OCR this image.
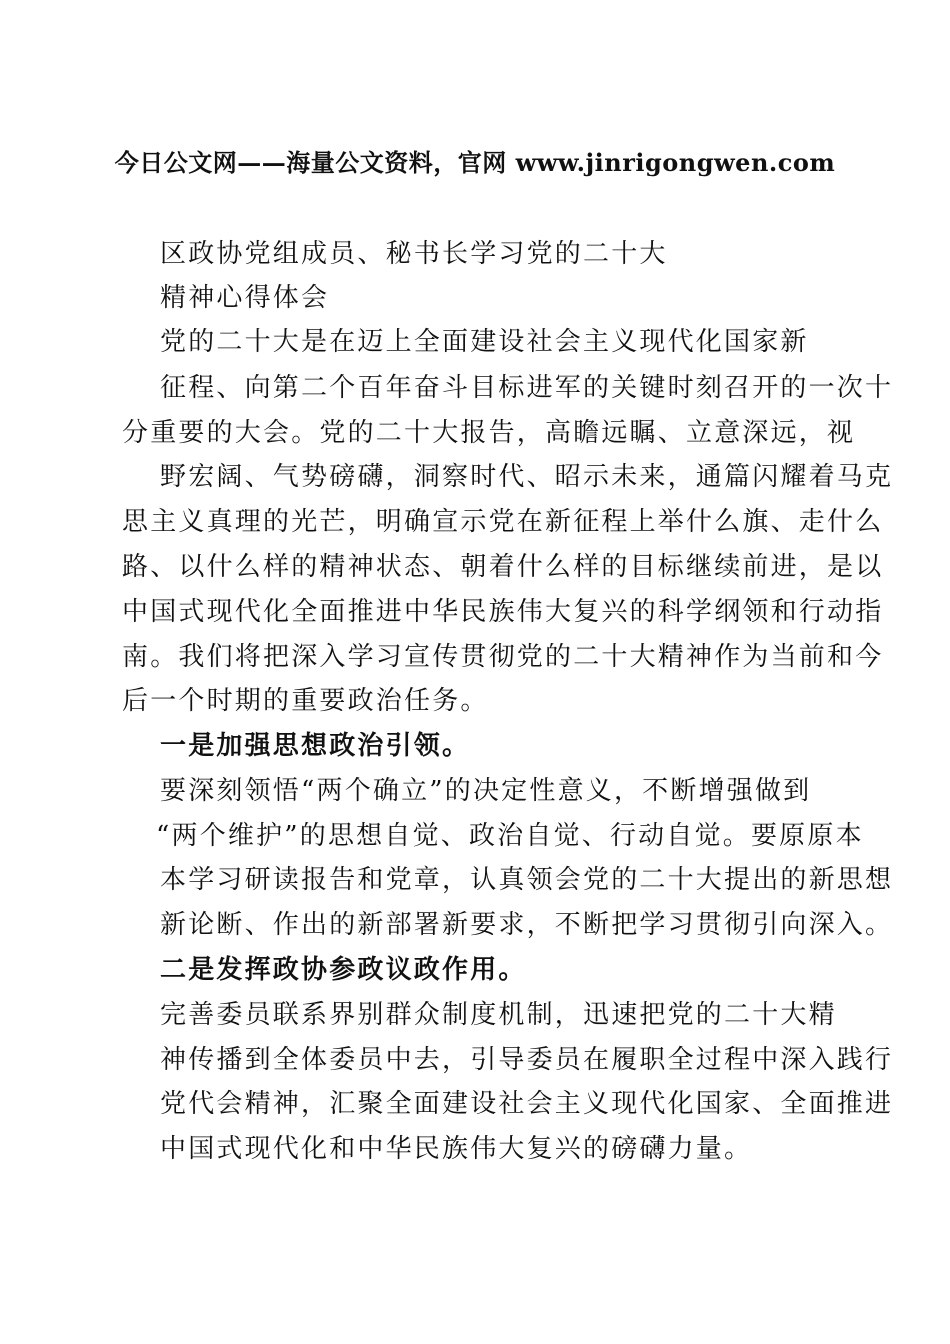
今日公文网——海量公文资料，官网 www.jinrigongwen.com
区政协党组成员、秘书长学习党的二十大
精神心得体会
党的二十大是在迈上全面建设社会主义现代化国家新
征程、向第二个百年奋斗目标进军的关键时刻召开的一次十
分重要的大会。党的二十大报告，高瞻远瞩、立意深远，视
野宏阔、气势磅礴，洞察时代、昭示未来，通篇闪耀着马克
思主义真理的光芒，明确宣示党在新征程上举什么旗、走什么
路、以什么样的精神状态、朝着什么样的目标继续前进，是以
中国式现代化全面推进中华民族伟大复兴的科学纲领和行动指
南。我们将把深入学习宣传贯彻党的二十大精神作为当前和今
后一个时期的重要政治任务。
一是加强思想政治引领。
要深刻领悟“两个确立”的决定性意义，不断增强做到
“两个维护”的思想自觉、政治自觉、行动自觉。要原原本
本学习研读报告和党章，认真领会党的二十大提出的新思想
新论断、作出的新部署新要求，不断把学习贯彻引向深入。
二是发挥政协参政议政作用。
完善委员联系界别群众制度机制，迅速把党的二十大精
神传播到全体委员中去，引导委员在履职全过程中深入践行
党代会精神，汇聚全面建设社会主义现代化国家、全面推进
中国式现代化和中华民族伟大复兴的磅礴力量。
